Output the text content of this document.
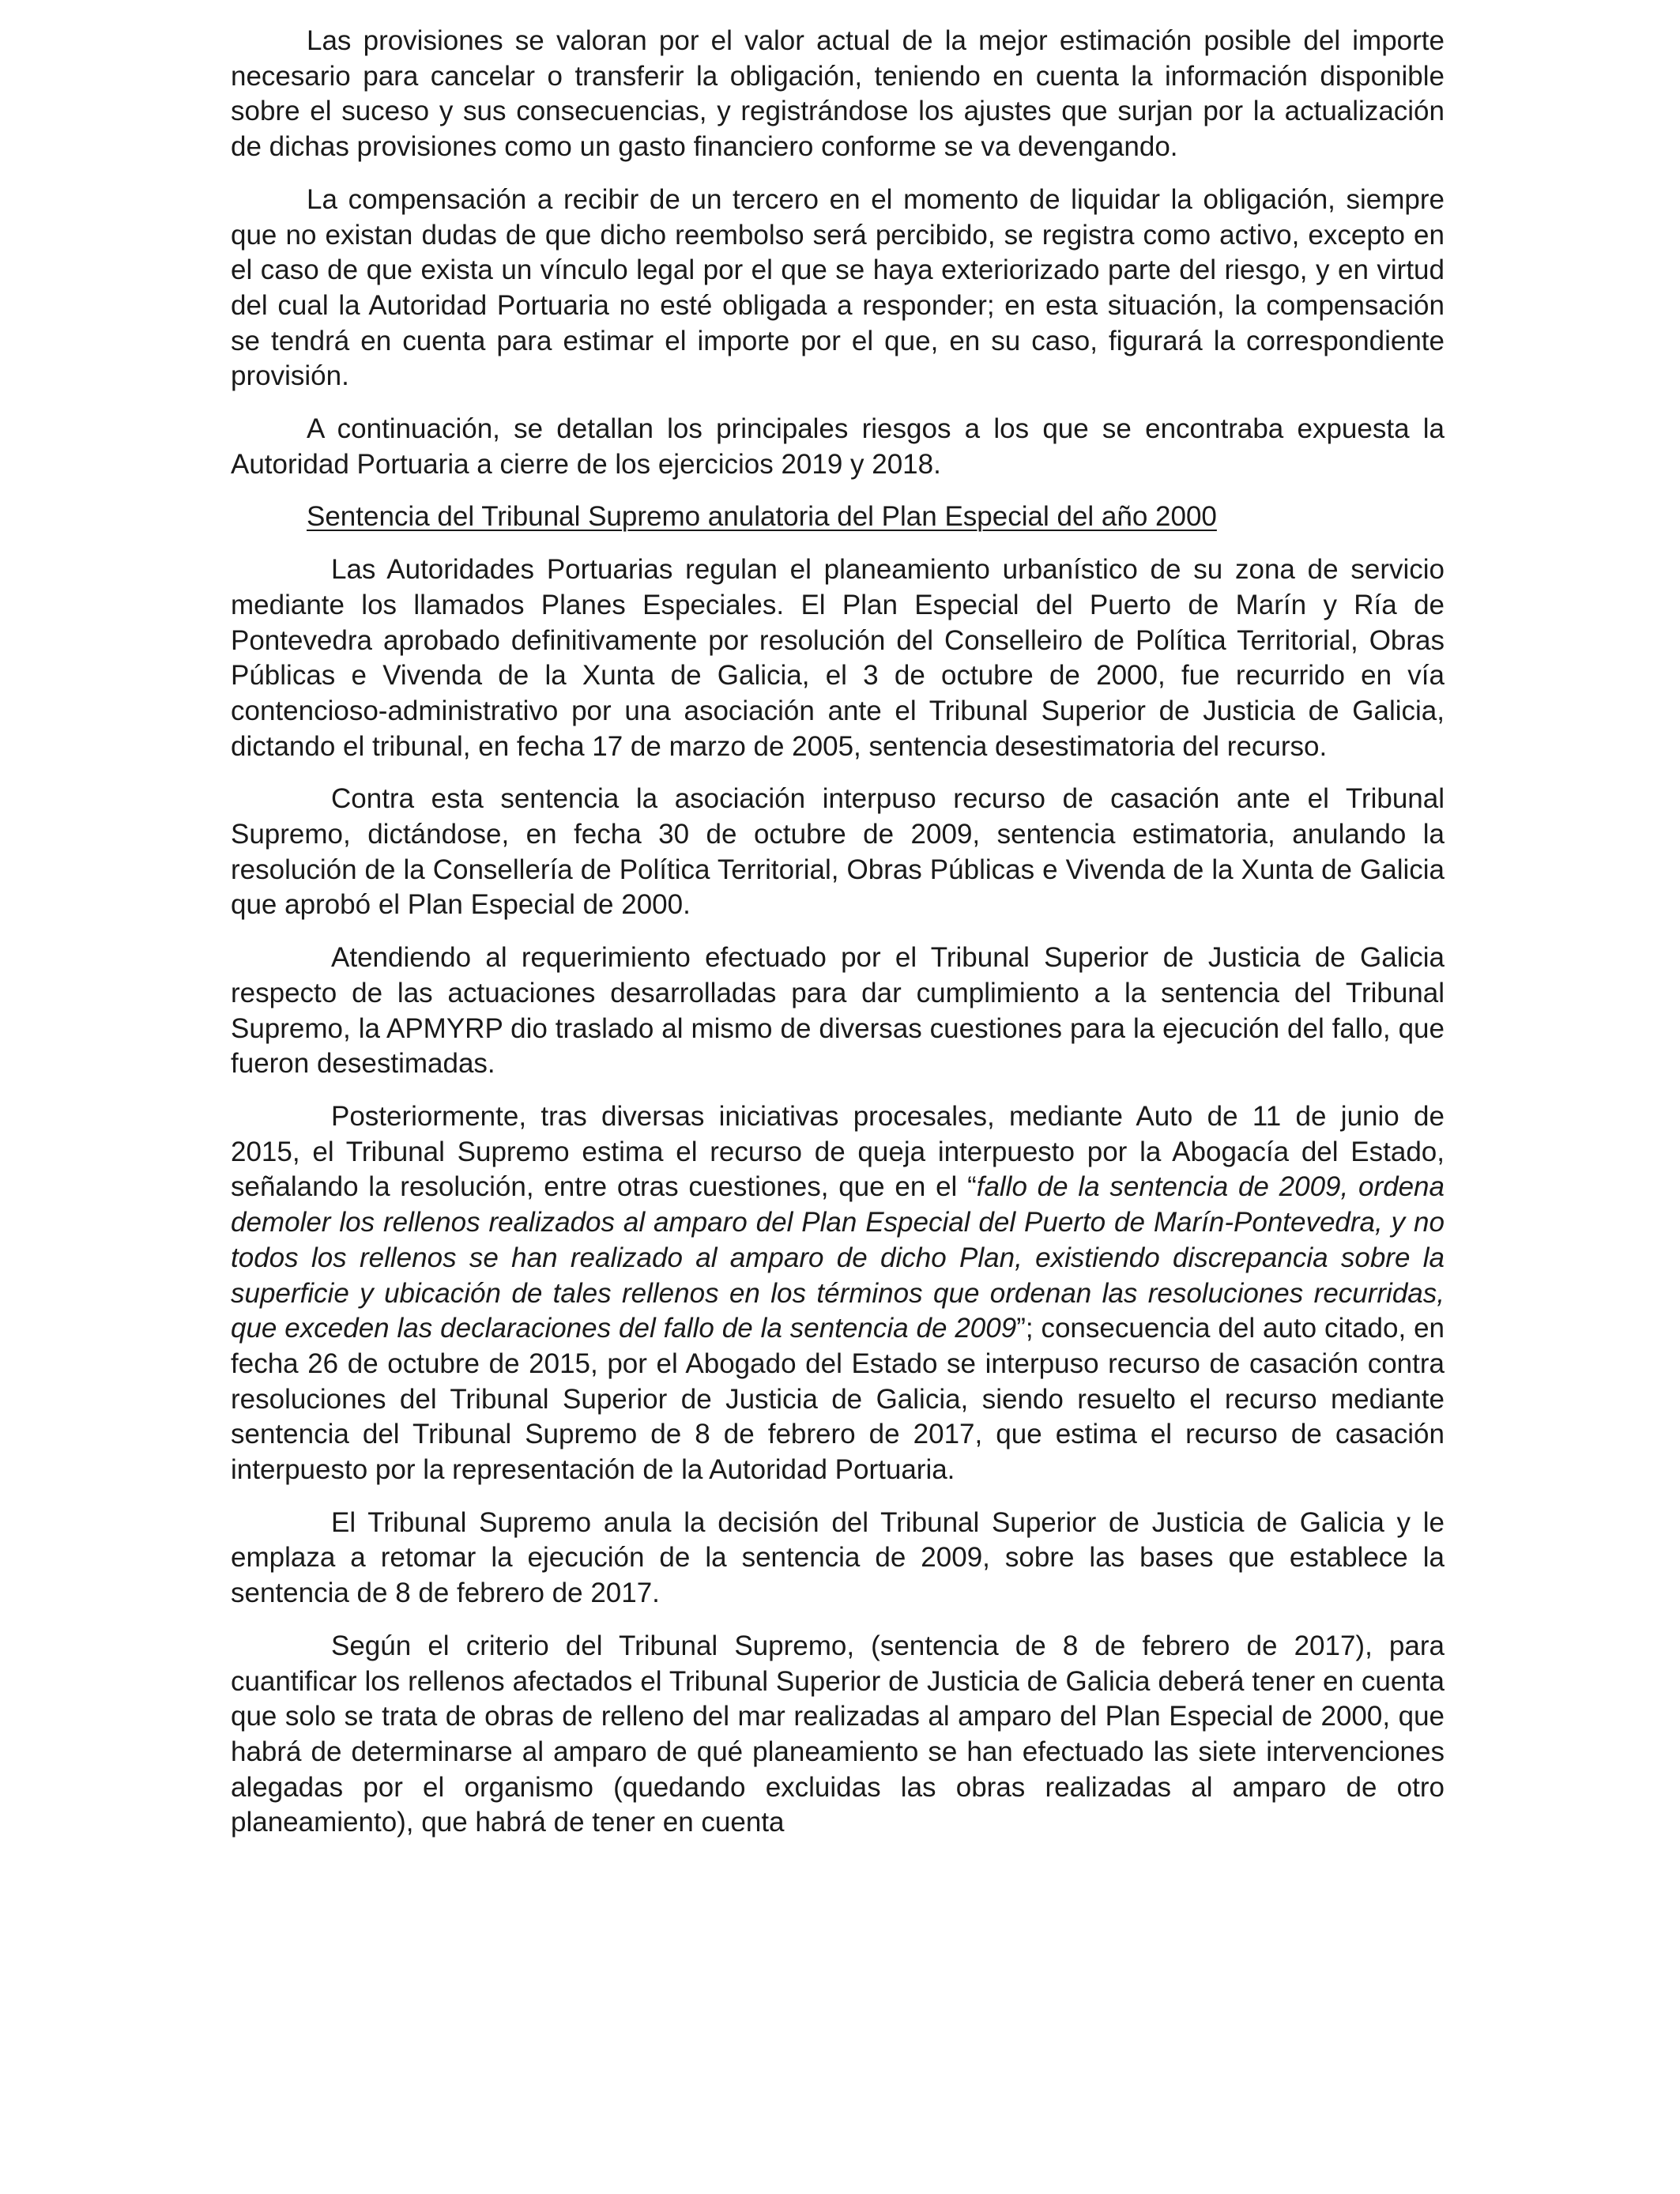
Las provisiones se valoran por el valor actual de la mejor estimación posible del importe necesario para cancelar o transferir la obligación, teniendo en cuenta la información disponible sobre el suceso y sus consecuencias, y registrándose los ajustes que surjan por la actualización de dichas provisiones como un gasto financiero conforme se va devengando.

La compensación a recibir de un tercero en el momento de liquidar la obligación, siempre que no existan dudas de que dicho reembolso será percibido, se registra como activo, excepto en el caso de que exista un vínculo legal por el que se haya exteriorizado parte del riesgo, y en virtud del cual la Autoridad Portuaria no esté obligada a responder; en esta situación, la compensación se tendrá en cuenta para estimar el importe por el que, en su caso, figurará la correspondiente provisión.

A continuación, se detallan los principales riesgos a los que se encontraba expuesta la Autoridad Portuaria a cierre de los ejercicios 2019 y 2018.

Sentencia del Tribunal Supremo anulatoria del Plan Especial del año 2000

Las Autoridades Portuarias regulan el planeamiento urbanístico de su zona de servicio mediante los llamados Planes Especiales. El Plan Especial del Puerto de Marín y Ría de Pontevedra aprobado definitivamente por resolución del Conselleiro de Política Territorial, Obras Públicas e Vivenda de la Xunta de Galicia, el 3 de octubre de 2000, fue recurrido en vía contencioso-administrativo por una asociación ante el Tribunal Superior de Justicia de Galicia, dictando el tribunal, en fecha 17 de marzo de 2005, sentencia desestimatoria del recurso.

Contra esta sentencia la asociación interpuso recurso de casación ante el Tribunal Supremo, dictándose, en fecha 30 de octubre de 2009, sentencia estimatoria, anulando la resolución de la Consellería de Política Territorial, Obras Públicas e Vivenda de la Xunta de Galicia que aprobó el Plan Especial de 2000.

Atendiendo al requerimiento efectuado por el Tribunal Superior de Justicia de Galicia respecto de las actuaciones desarrolladas para dar cumplimiento a la sentencia del Tribunal Supremo, la APMYRP dio traslado al mismo de diversas cuestiones para la ejecución del fallo, que fueron desestimadas.

Posteriormente, tras diversas iniciativas procesales, mediante Auto de 11 de junio de 2015, el Tribunal Supremo estima el recurso de queja interpuesto por la Abogacía del Estado, señalando la resolución, entre otras cuestiones, que en el “fallo de la sentencia de 2009, ordena demoler los rellenos realizados al amparo del Plan Especial del Puerto de Marín-Pontevedra, y no todos los rellenos se han realizado al amparo de dicho Plan, existiendo discrepancia sobre la superficie y ubicación de tales rellenos en los términos que ordenan las resoluciones recurridas, que exceden las declaraciones del fallo de la sentencia de 2009”; consecuencia del auto citado, en fecha 26 de octubre de 2015, por el Abogado del Estado se interpuso recurso de casación contra resoluciones del Tribunal Superior de Justicia de Galicia, siendo resuelto el recurso mediante sentencia del Tribunal Supremo de 8 de febrero de 2017, que estima el recurso de casación interpuesto por la representación de la Autoridad Portuaria.

El Tribunal Supremo anula la decisión del Tribunal Superior de Justicia de Galicia y le emplaza a retomar la ejecución de la sentencia de 2009, sobre las bases que establece la sentencia de 8 de febrero de 2017.

Según el criterio del Tribunal Supremo, (sentencia de 8 de febrero de 2017), para cuantificar los rellenos afectados el Tribunal Superior de Justicia de Galicia deberá tener en cuenta que solo se trata de obras de relleno del mar realizadas al amparo del Plan Especial de 2000, que habrá de determinarse al amparo de qué planeamiento se han efectuado las siete intervenciones alegadas por el organismo (quedando excluidas las obras realizadas al amparo de otro planeamiento), que habrá de tener en cuenta
